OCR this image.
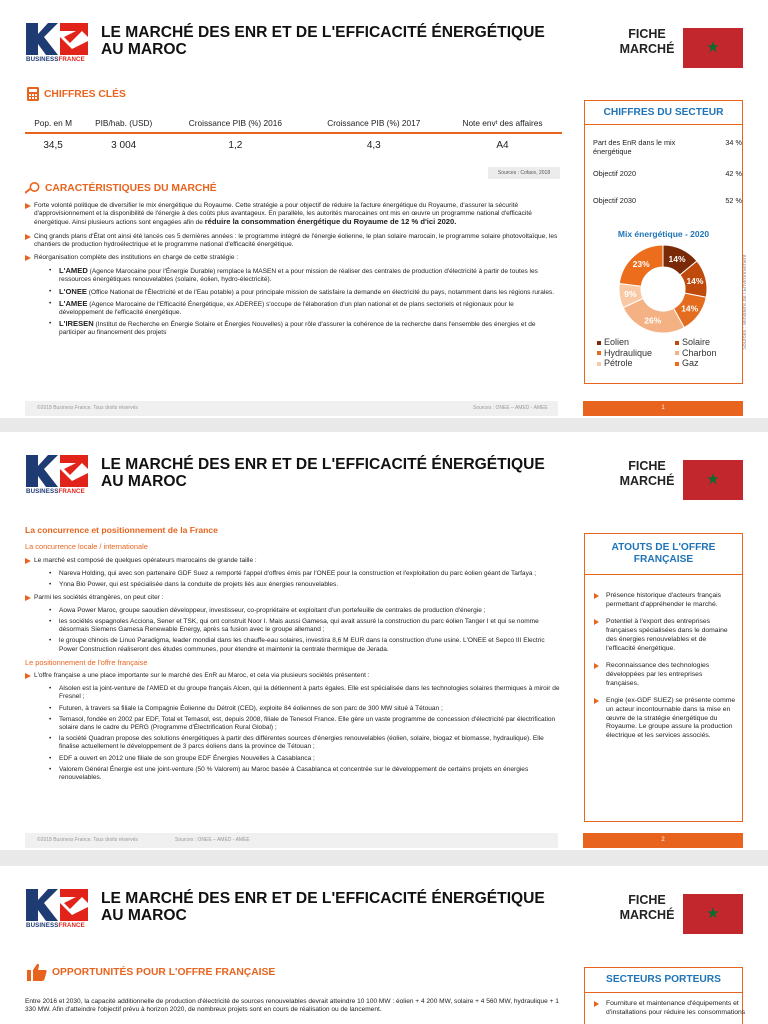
BUSINESSFRANCE
LE MARCHÉ DES ENR ET DE L'EFFICACITÉ ÉNERGÉTIQUE
AU MAROC
FICHE
MARCHÉ	★
CHIFFRES CLÉS
Pop. en M	PIB/hab. (USD)	Croissance PIB (%) 2016	Croissance PIB (%) 2017	Note envᵗ des affaires
34,5	3 004	1,2	4,3	A4
Sources : Coface, 2018
CARACTÉRISTIQUES DU MARCHÉ

Forte volonté politique de diversifier le mix énergétique du Royaume. Cette stratégie a pour objectif de réduire la facture énergétique du Royaume, d'assurer la sécurité d'approvisionnement et la disponibilité de l'énergie à des coûts plus avantageux. En parallèle, les autorités marocaines ont mis en œuvre un programme national d'efficacité énergétique. Ainsi plusieurs actions sont engagées afin de réduire la consommation énergétique du Royaume de 12 % d'ici 2020.

Cinq grands plans d'État ont ainsi été lancés ces 5 dernières années : le programme intégré de l'énergie éolienne, le plan solaire marocain, le programme solaire photovoltaïque, les chantiers de production hydroélectrique et le programme national d'efficacité énergétique.

Réorganisation complète des institutions en charge de cette stratégie :

• L'AMED (Agence Marocaine pour l'Énergie Durable) remplace la MASEN et a pour mission de réaliser des centrales de production d'électricité à partir de toutes les ressources énergétiques renouvelables (solaire, éolien, hydro-électricité).
• L'ONEE (Office National de l'Électricité et de l'Eau potable) a pour principale mission de satisfaire la demande en électricité du pays, notamment dans les régions rurales.
• L'AMEE (Agence Marocaine de l'Efficacité Énergétique, ex ADEREE) s'occupe de l'élaboration d'un plan national et de plans sectoriels et régionaux pour le développement de l'efficacité énergétique.
• L'IRESEN (Institut de Recherche en Énergie Solaire et Énergies Nouvelles) a pour rôle d'assurer la cohérence de la recherche dans l'ensemble des énergies et de participer au financement des projets
CHIFFRES DU SECTEUR
Part des EnR dans le mix énergétique
34 %
Objectif 2020	42 %
Objectif 2030	52 %
Mix énergétique - 2020
14%
14%
14%
26%
9%
23%
Eolien	Solaire
Hydraulique	Charbon
Pétrole	Gaz
Sources : Ministère de l'Environnement
©2018 Business France. Tous droits réservés	Sources : ONEE – AMED - AMEE	1
BUSINESSFRANCE
LE MARCHÉ DES ENR ET DE L'EFFICACITÉ ÉNERGÉTIQUE
AU MAROC
FICHE
MARCHÉ	★
La concurrence et positionnement de la France
La concurrence locale / internationale

Le marché est composé de quelques opérateurs marocains de grande taille :

• Nareva Holding, qui avec son partenaire GDF Suez a remporté l'appel d'offres émis par l'ONEE pour la construction et l'exploitation du parc éolien géant de Tarfaya ;
• Ynna Bio Power, qui est spécialisée dans la conduite de projets liés aux énergies renouvelables.

Parmi les sociétés étrangères, on peut citer :

• Aowa Power Maroc, groupe saoudien développeur, investisseur, co-propriétaire et exploitant d'un portefeuille de centrales de production d'énergie ;
• les sociétés espagnoles Acciona, Sener et TSK, qui ont construit Noor I. Mais aussi Gamesa, qui avait assuré la construction du parc éolien Tanger I et qui se nomme désormais Siemens Gamesa Renewable Energy, après sa fusion avec le groupe allemand ;
• le groupe chinois de Linuo Paradigma, leader mondial dans les chauffe-eau solaires, investira 8,6 M EUR dans la construction d'une usine. L'ONEE et Sepco III Electric Power Construction réaliseront des études communes, pour étendre et maintenir la centrale thermique de Jerada.
Le positionnement de l'offre française

L'offre française a une place importante sur le marché des EnR au Maroc, et cela via plusieurs sociétés présentent :

• Alsolen est la joint-venture de l'AMED et du groupe français Alcen, qui la détiennent à parts égales. Elle est spécialisée dans les technologies solaires thermiques à miroir de Fresnel ;
• Futuren, à travers sa filiale la Compagnie Éolienne du Détroit (CED), exploite 84 éoliennes de son parc de 300 MW situé à Tétouan ;
• Temasol, fondée en 2002 par EDF, Total et Temasol, est, depuis 2008, filiale de Tenesol France. Elle gère un vaste programme de concession d'électricité par électrification solaire dans le cadre du PERG (Programme d'Électrification Rural Global) ;
• la société Quadran propose des solutions énergétiques à partir des différentes sources d'énergies renouvelables (éolien, solaire, biogaz et biomasse, hydraulique). Elle finalise actuellement le développement de 3 parcs éoliens dans la province de Tétouan ;
• EDF a ouvert en 2012 une filiale de son groupe EDF Énergies Nouvelles à Casablanca ;
• Valorem Général Énergie est une joint-venture (50 % Valorem) au Maroc basée à Casablanca et concentrée sur le développement de certains projets en énergies renouvelables.
ATOUTS DE L'OFFRE FRANÇAISE
Présence historique d'acteurs français permettant d'appréhender le marché.
Potentiel à l'export des entreprises françaises spécialisées dans le domaine des énergies renouvelables et de l'efficacité énergétique.
Reconnaissance des technologies développées par les entreprises françaises.
Engie (ex-GDF SUEZ) se présente comme un acteur incontournable dans la mise en œuvre de la stratégie énergétique du Royaume. Le groupe assure la production électrique et les services associés.
©2018 Business France. Tous droits réservés	Sources : ONEE – AMED - AMEE	2
BUSINESSFRANCE
LE MARCHÉ DES ENR ET DE L'EFFICACITÉ ÉNERGÉTIQUE
AU MAROC
FICHE
MARCHÉ	★
OPPORTUNITÉS POUR L'OFFRE FRANÇAISE
Entre 2016 et 2030, la capacité additionnelle de production d'électricité de sources renouvelables devrait atteindre 10 100 MW : éolien + 4 200 MW, solaire + 4 560 MW, hydraulique + 1 330 MW. Afin d'atteindre l'objectif prévu à horizon 2020, de nombreux projets sont en cours de réalisation ou de lancement.
SECTEURS PORTEURS
Fourniture et maintenance d'équipements et d'installations pour réduire les consommations
